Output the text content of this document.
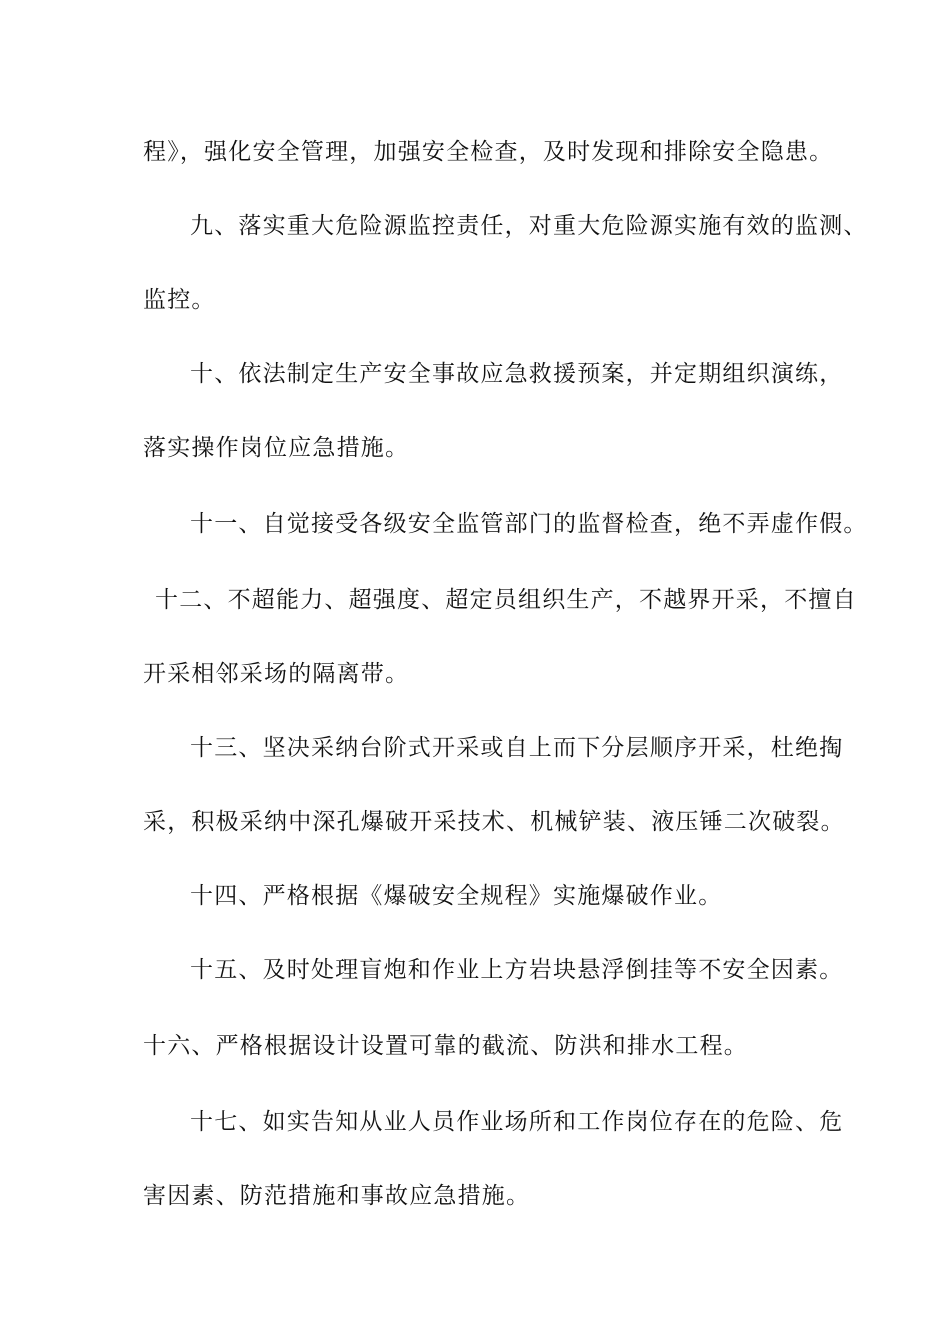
程》，强化安全管理，加强安全检查，及时发现和排除安全隐患。
九、落实重大危险源监控责任，对重大危险源实施有效的监测、
监控。
十、依法制定生产安全事故应急救援预案，并定期组织演练，
落实操作岗位应急措施。
十一、自觉接受各级安全监管部门的监督检查，绝不弄虚作假。
十二、不超能力、超强度、超定员组织生产，不越界开采，不擅自
开采相邻采场的隔离带。
十三、坚决采纳台阶式开采或自上而下分层顺序开采，杜绝掏
采，积极采纳中深孔爆破开采技术、机械铲装、液压锤二次破裂。
十四、严格根据《爆破安全规程》实施爆破作业。
十五、及时处理盲炮和作业上方岩块悬浮倒挂等不安全因素。
十六、严格根据设计设置可靠的截流、防洪和排水工程。
十七、如实告知从业人员作业场所和工作岗位存在的危险、危
害因素、防范措施和事故应急措施。
